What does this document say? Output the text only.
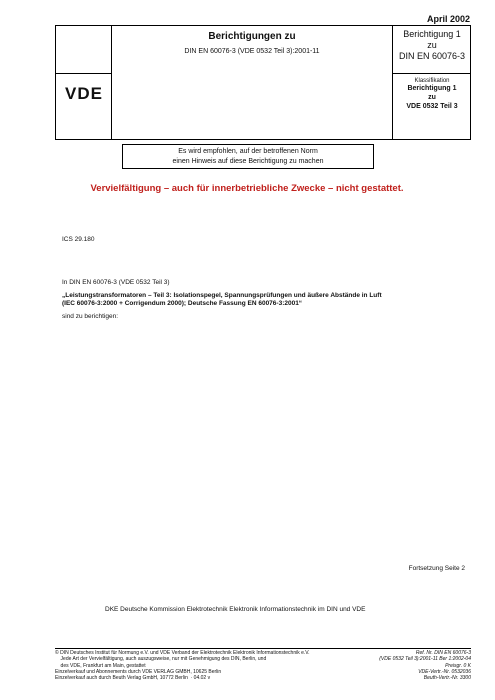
April 2002
VDE
Berichtigungen zu
DIN EN 60076-3 (VDE 0532 Teil 3):2001-11
Berichtigung 1
zu
DIN EN 60076-3
Klassifikation
Berichtigung 1
zu
VDE 0532 Teil 3
Es wird empfohlen, auf der betroffenen Norm
einen Hinweis auf diese Berichtigung zu machen
Vervielfältigung – auch für innerbetriebliche Zwecke – nicht gestattet.
ICS 29.180
In DIN EN 60076-3 (VDE 0532 Teil 3)
„Leistungstransformatoren – Teil 3: Isolationspegel, Spannungsprüfungen und äußere Abstände in Luft
(IEC 60076-3:2000 + Corrigendum 2000); Deutsche Fassung EN 60076-3:2001“
sind zu berichtigen:
Fortsetzung Seite 2
DKE Deutsche Kommission Elektrotechnik Elektronik Informationstechnik im DIN und VDE
© DIN Deutsches Institut für Normung e.V. und VDE Verband der Elektrotechnik Elektronik Informationstechnik e.V.
Jede Art der Vervielfältigung, auch auszugsweise, nur mit Genehmigung des DIN, Berlin, und
des VDE, Frankfurt am Main, gestattet
Einzelverkauf und Abonnements durch VDE VERLAG GMBH, 10625 Berlin
Einzelverkauf auch durch Beuth Verlag GmbH, 10772 Berlin  · 04.02 v
Ref. Nr. DIN EN 60076-3
(VDE 0532 Teil 3):2001-11 Ber 1:2002-04
Preisgr. 0 K
VDE-Vertr.-Nr. 0532036
Beuth-Vertr.-Nr. 3300
